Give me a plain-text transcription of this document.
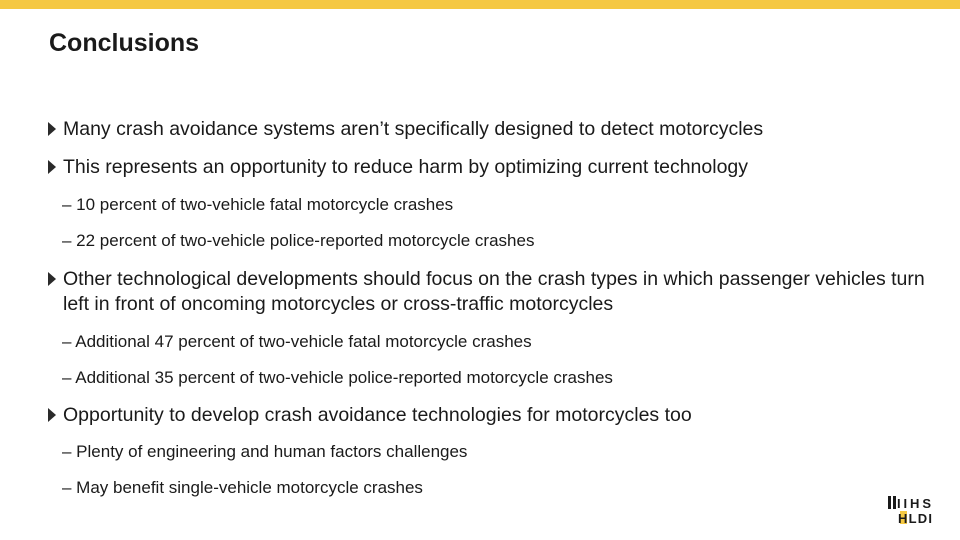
Conclusions
Many crash avoidance systems aren’t specifically designed to detect motorcycles
This represents an opportunity to reduce harm by optimizing current technology
– 10 percent of two-vehicle fatal motorcycle crashes
– 22 percent of two-vehicle police-reported motorcycle crashes
Other technological developments should focus on the crash types in which passenger vehicles turn left in front of oncoming motorcycles or cross-traffic motorcycles
– Additional 47 percent of two-vehicle fatal motorcycle crashes
– Additional 35 percent of two-vehicle police-reported motorcycle crashes
Opportunity to develop crash avoidance technologies for motorcycles too
– Plenty of engineering and human factors challenges
– May benefit single-vehicle motorcycle crashes
IIHS
HLDI
